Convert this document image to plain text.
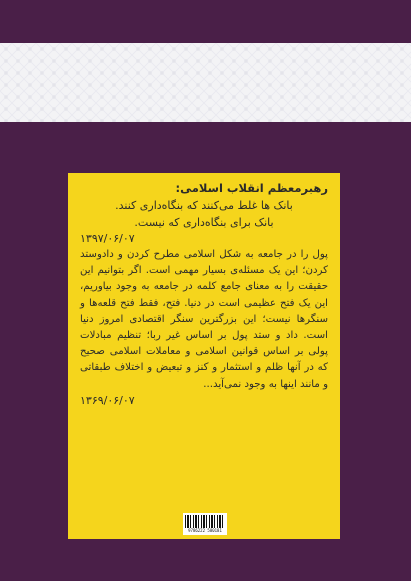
رهبرمعظم انقلاب اسلامی:
بانک ها غلط می‌کنند که بنگاه‌داری کنند.
بانک برای بنگاه‌داری که نیست.
۱۳۹۷/۰۶/۰۷
پول را در جامعه به شکل اسلامی مطرح کردن و دادوستد کردن؛ این یک مسئله‌ی بسیار مهمی است. اگر بتوانیم این حقیقت را به معنای جامع کلمه در جامعه به وجود بیاوریم، این یک فتح عظیمی است در دنیا. فتح، فقط فتح قلعه‌ها و سنگرها نیست؛ این بزرگترین سنگر اقتصادی امروز دنیا است. داد و ستد پول بر اساس غیر ربا؛ تنظیم مبادلات پولی بر اساس قوانین اسلامی و معاملات اسلامی صحیح که در آنها ظلم و استثمار و کنز و تبعیض و اختلاف طبقاتی و مانند اینها به وجود نمی‌آید...
۱۳۶۹/۰۶/۰۷
9786222 580181
